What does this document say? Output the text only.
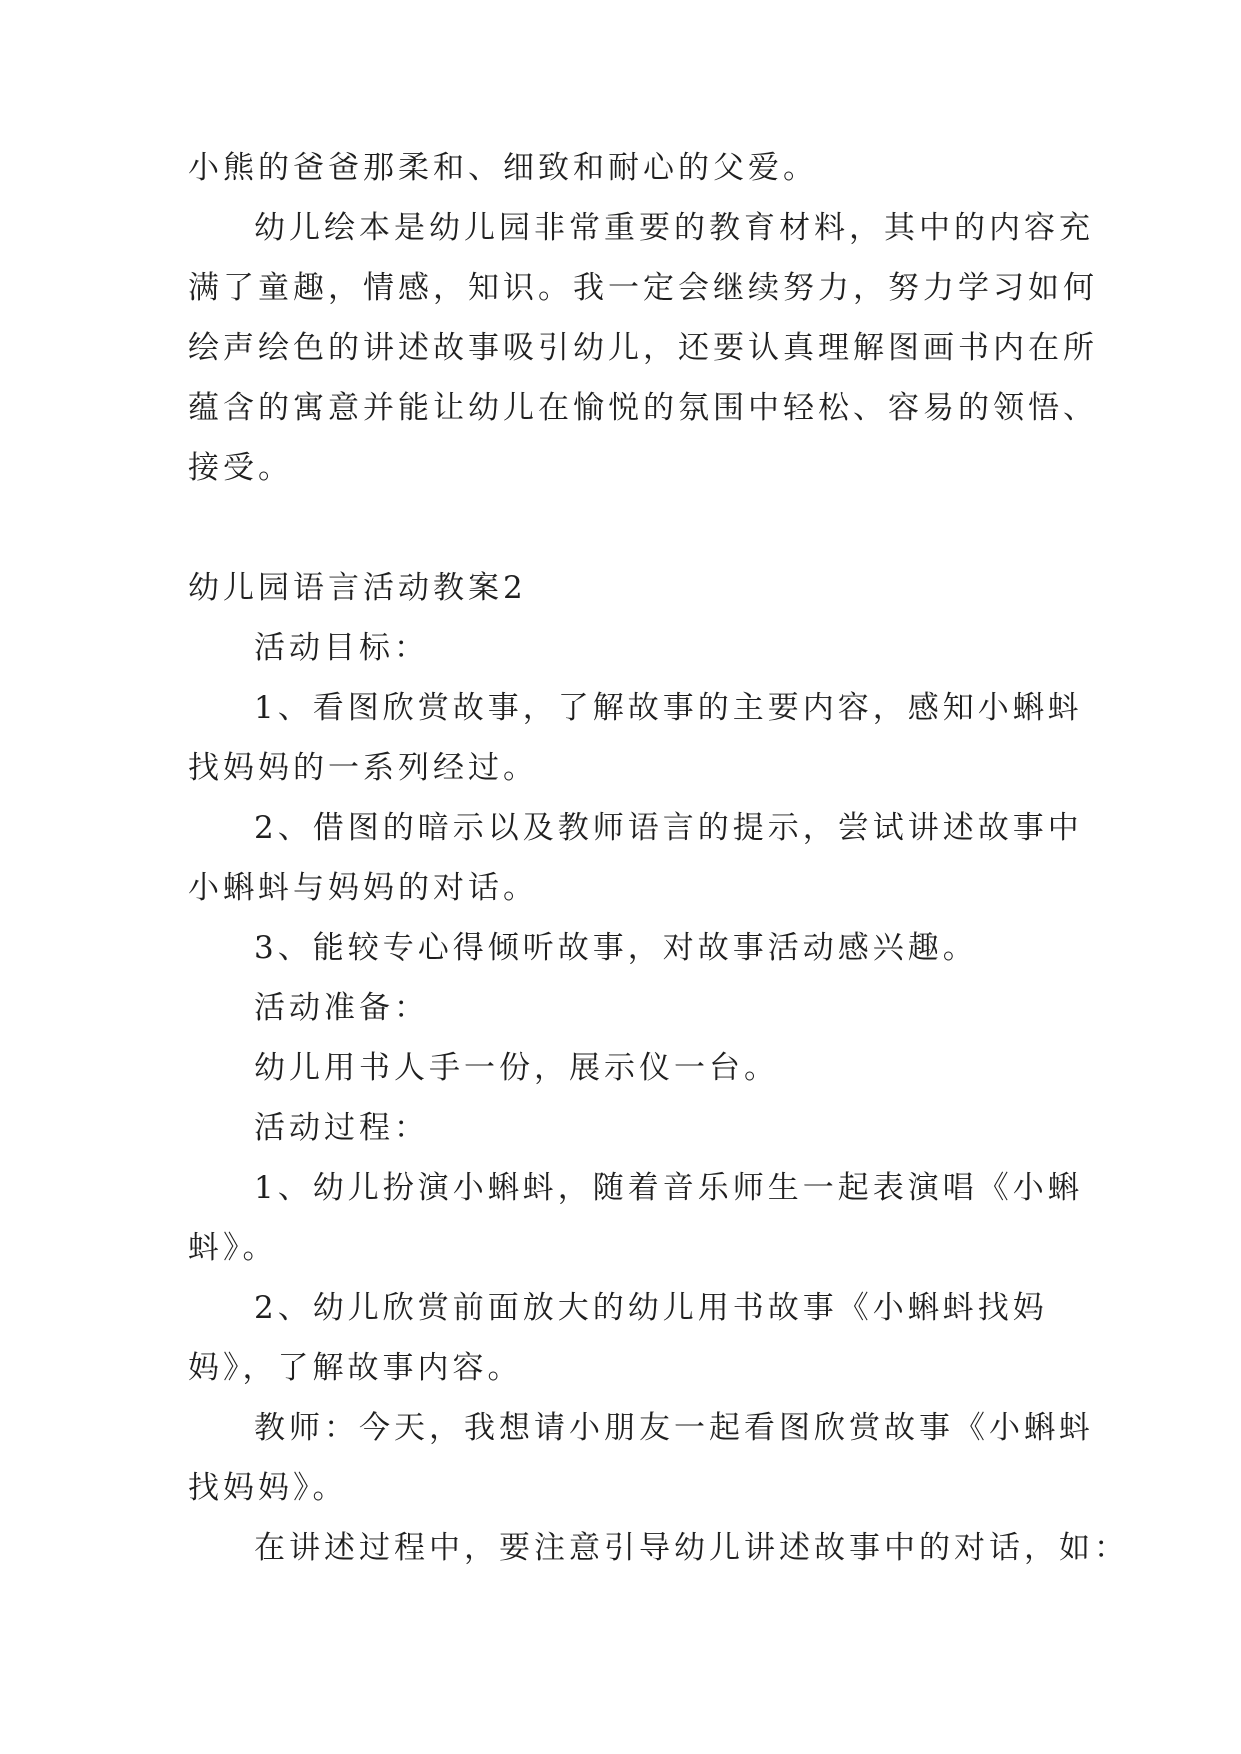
小熊的爸爸那柔和、细致和耐心的父爱。
幼儿绘本是幼儿园非常重要的教育材料，其中的内容充
满了童趣，情感，知识。我一定会继续努力，努力学习如何
绘声绘色的讲述故事吸引幼儿，还要认真理解图画书内在所
蕴含的寓意并能让幼儿在愉悦的氛围中轻松、容易的领悟、
接受。
幼儿园语言活动教案2
活动目标：
1、看图欣赏故事，了解故事的主要内容，感知小蝌蚪
找妈妈的一系列经过。
2、借图的暗示以及教师语言的提示，尝试讲述故事中
小蝌蚪与妈妈的对话。
3、能较专心得倾听故事，对故事活动感兴趣。
活动准备：
幼儿用书人手一份，展示仪一台。
活动过程：
1、幼儿扮演小蝌蚪，随着音乐师生一起表演唱《小蝌
蚪》。
2、幼儿欣赏前面放大的幼儿用书故事《小蝌蚪找妈
妈》，了解故事内容。
教师：今天，我想请小朋友一起看图欣赏故事《小蝌蚪
找妈妈》。
在讲述过程中，要注意引导幼儿讲述故事中的对话，如：
